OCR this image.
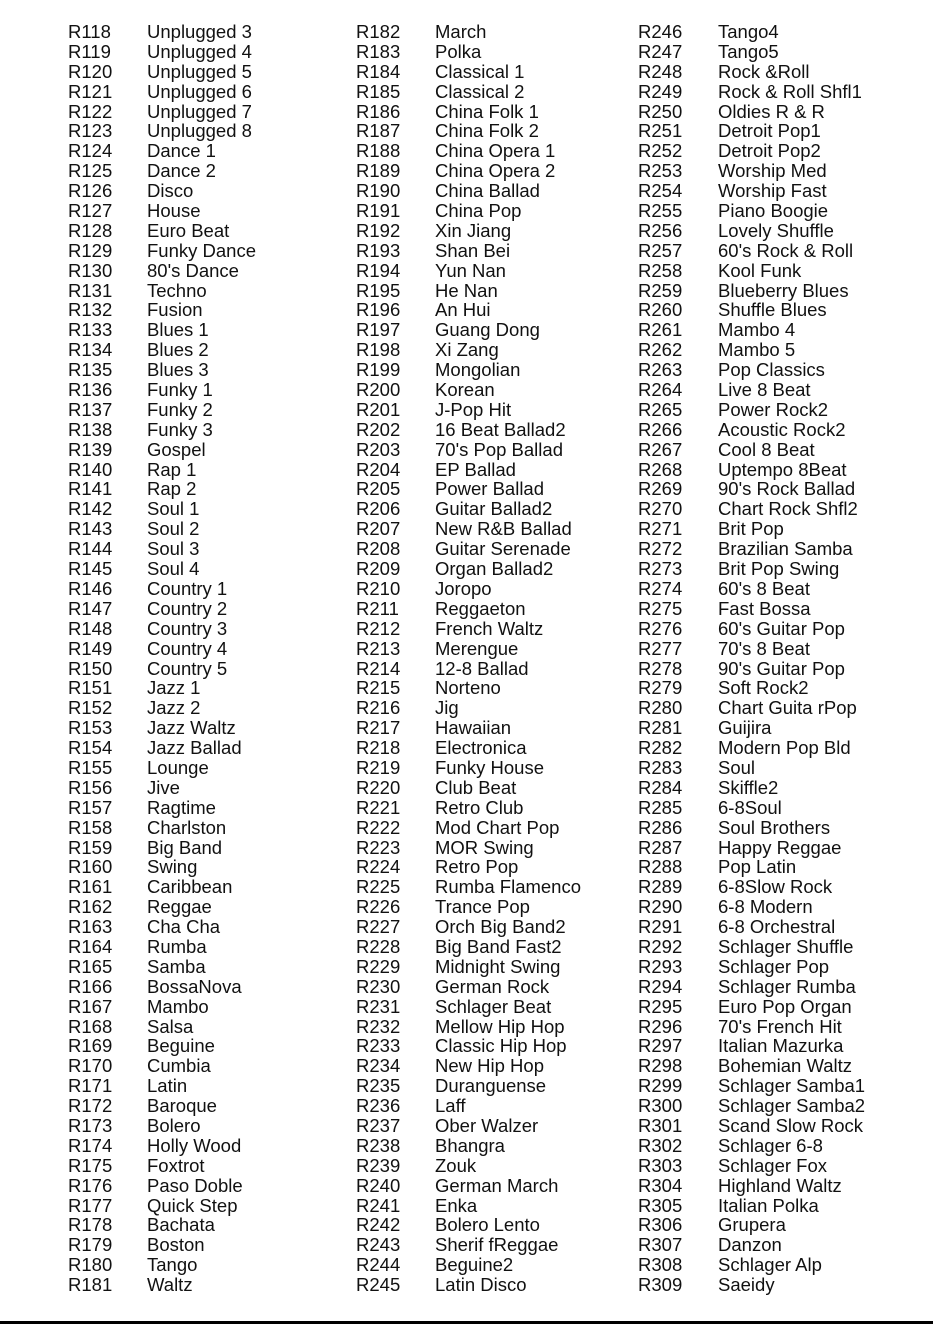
R118 Unplugged 3
R119 Unplugged 4
R120 Unplugged 5
R121 Unplugged 6
R122 Unplugged 7
R123 Unplugged 8
R124 Dance 1
R125 Dance 2
R126 Disco
R127 House
R128 Euro Beat
R129 Funky Dance
R130 80's Dance
R131 Techno
R132 Fusion
R133 Blues 1
R134 Blues 2
R135 Blues 3
R136 Funky 1
R137 Funky 2
R138 Funky 3
R139 Gospel
R140 Rap 1
R141 Rap 2
R142 Soul 1
R143 Soul 2
R144 Soul 3
R145 Soul 4
R146 Country 1
R147 Country 2
R148 Country 3
R149 Country 4
R150 Country 5
R151 Jazz 1
R152 Jazz 2
R153 Jazz Waltz
R154 Jazz Ballad
R155 Lounge
R156 Jive
R157 Ragtime
R158 Charlston
R159 Big Band
R160 Swing
R161 Caribbean
R162 Reggae
R163 Cha Cha
R164 Rumba
R165 Samba
R166 BossaNova
R167 Mambo
R168 Salsa
R169 Beguine
R170 Cumbia
R171 Latin
R172 Baroque
R173 Bolero
R174 Holly Wood
R175 Foxtrot
R176 Paso Doble
R177 Quick Step
R178 Bachata
R179 Boston
R180 Tango
R181 Waltz
R182 March
R183 Polka
R184 Classical 1
R185 Classical 2
R186 China Folk 1
R187 China Folk 2
R188 China Opera 1
R189 China Opera 2
R190 China Ballad
R191 China Pop
R192 Xin Jiang
R193 Shan Bei
R194 Yun Nan
R195 He Nan
R196 An Hui
R197 Guang Dong
R198 Xi Zang
R199 Mongolian
R200 Korean
R201 J-Pop Hit
R202 16 Beat Ballad2
R203 70's Pop Ballad
R204 EP Ballad
R205 Power Ballad
R206 Guitar Ballad2
R207 New R&B Ballad
R208 Guitar Serenade
R209 Organ Ballad2
R210 Joropo
R211 Reggaeton
R212 French Waltz
R213 Merengue
R214 12-8 Ballad
R215 Norteno
R216 Jig
R217 Hawaiian
R218 Electronica
R219 Funky House
R220 Club Beat
R221 Retro Club
R222 Mod Chart Pop
R223 MOR Swing
R224 Retro Pop
R225 Rumba Flamenco
R226 Trance Pop
R227 Orch Big Band2
R228 Big Band Fast2
R229 Midnight Swing
R230 German Rock
R231 Schlager Beat
R232 Mellow Hip Hop
R233 Classic Hip Hop
R234 New Hip Hop
R235 Duranguense
R236 Laff
R237 Ober Walzer
R238 Bhangra
R239 Zouk
R240 German March
R241 Enka
R242 Bolero Lento
R243 Sherif fReggae
R244 Beguine2
R245 Latin Disco
R246 Tango4
R247 Tango5
R248 Rock &Roll
R249 Rock & Roll Shfl1
R250 Oldies R & R
R251 Detroit Pop1
R252 Detroit Pop2
R253 Worship Med
R254 Worship Fast
R255 Piano Boogie
R256 Lovely Shuffle
R257 60's Rock & Roll
R258 Kool Funk
R259 Blueberry Blues
R260 Shuffle Blues
R261 Mambo 4
R262 Mambo 5
R263 Pop Classics
R264 Live 8 Beat
R265 Power Rock2
R266 Acoustic Rock2
R267 Cool 8 Beat
R268 Uptempo 8Beat
R269 90's Rock Ballad
R270 Chart Rock Shfl2
R271 Brit Pop
R272 Brazilian Samba
R273 Brit Pop Swing
R274 60's 8 Beat
R275 Fast Bossa
R276 60's Guitar Pop
R277 70's 8 Beat
R278 90's Guitar Pop
R279 Soft Rock2
R280 Chart Guita rPop
R281 Guijira
R282 Modern Pop Bld
R283 Soul
R284 Skiffle2
R285 6-8Soul
R286 Soul Brothers
R287 Happy Reggae
R288 Pop Latin
R289 6-8Slow Rock
R290 6-8 Modern
R291 6-8 Orchestral
R292 Schlager Shuffle
R293 Schlager Pop
R294 Schlager Rumba
R295 Euro Pop Organ
R296 70's French Hit
R297 Italian Mazurka
R298 Bohemian Waltz
R299 Schlager Samba1
R300 Schlager Samba2
R301 Scand Slow Rock
R302 Schlager 6-8
R303 Schlager Fox
R304 Highland Waltz
R305 Italian Polka
R306 Grupera
R307 Danzon
R308 Schlager Alp
R309 Saeidy
